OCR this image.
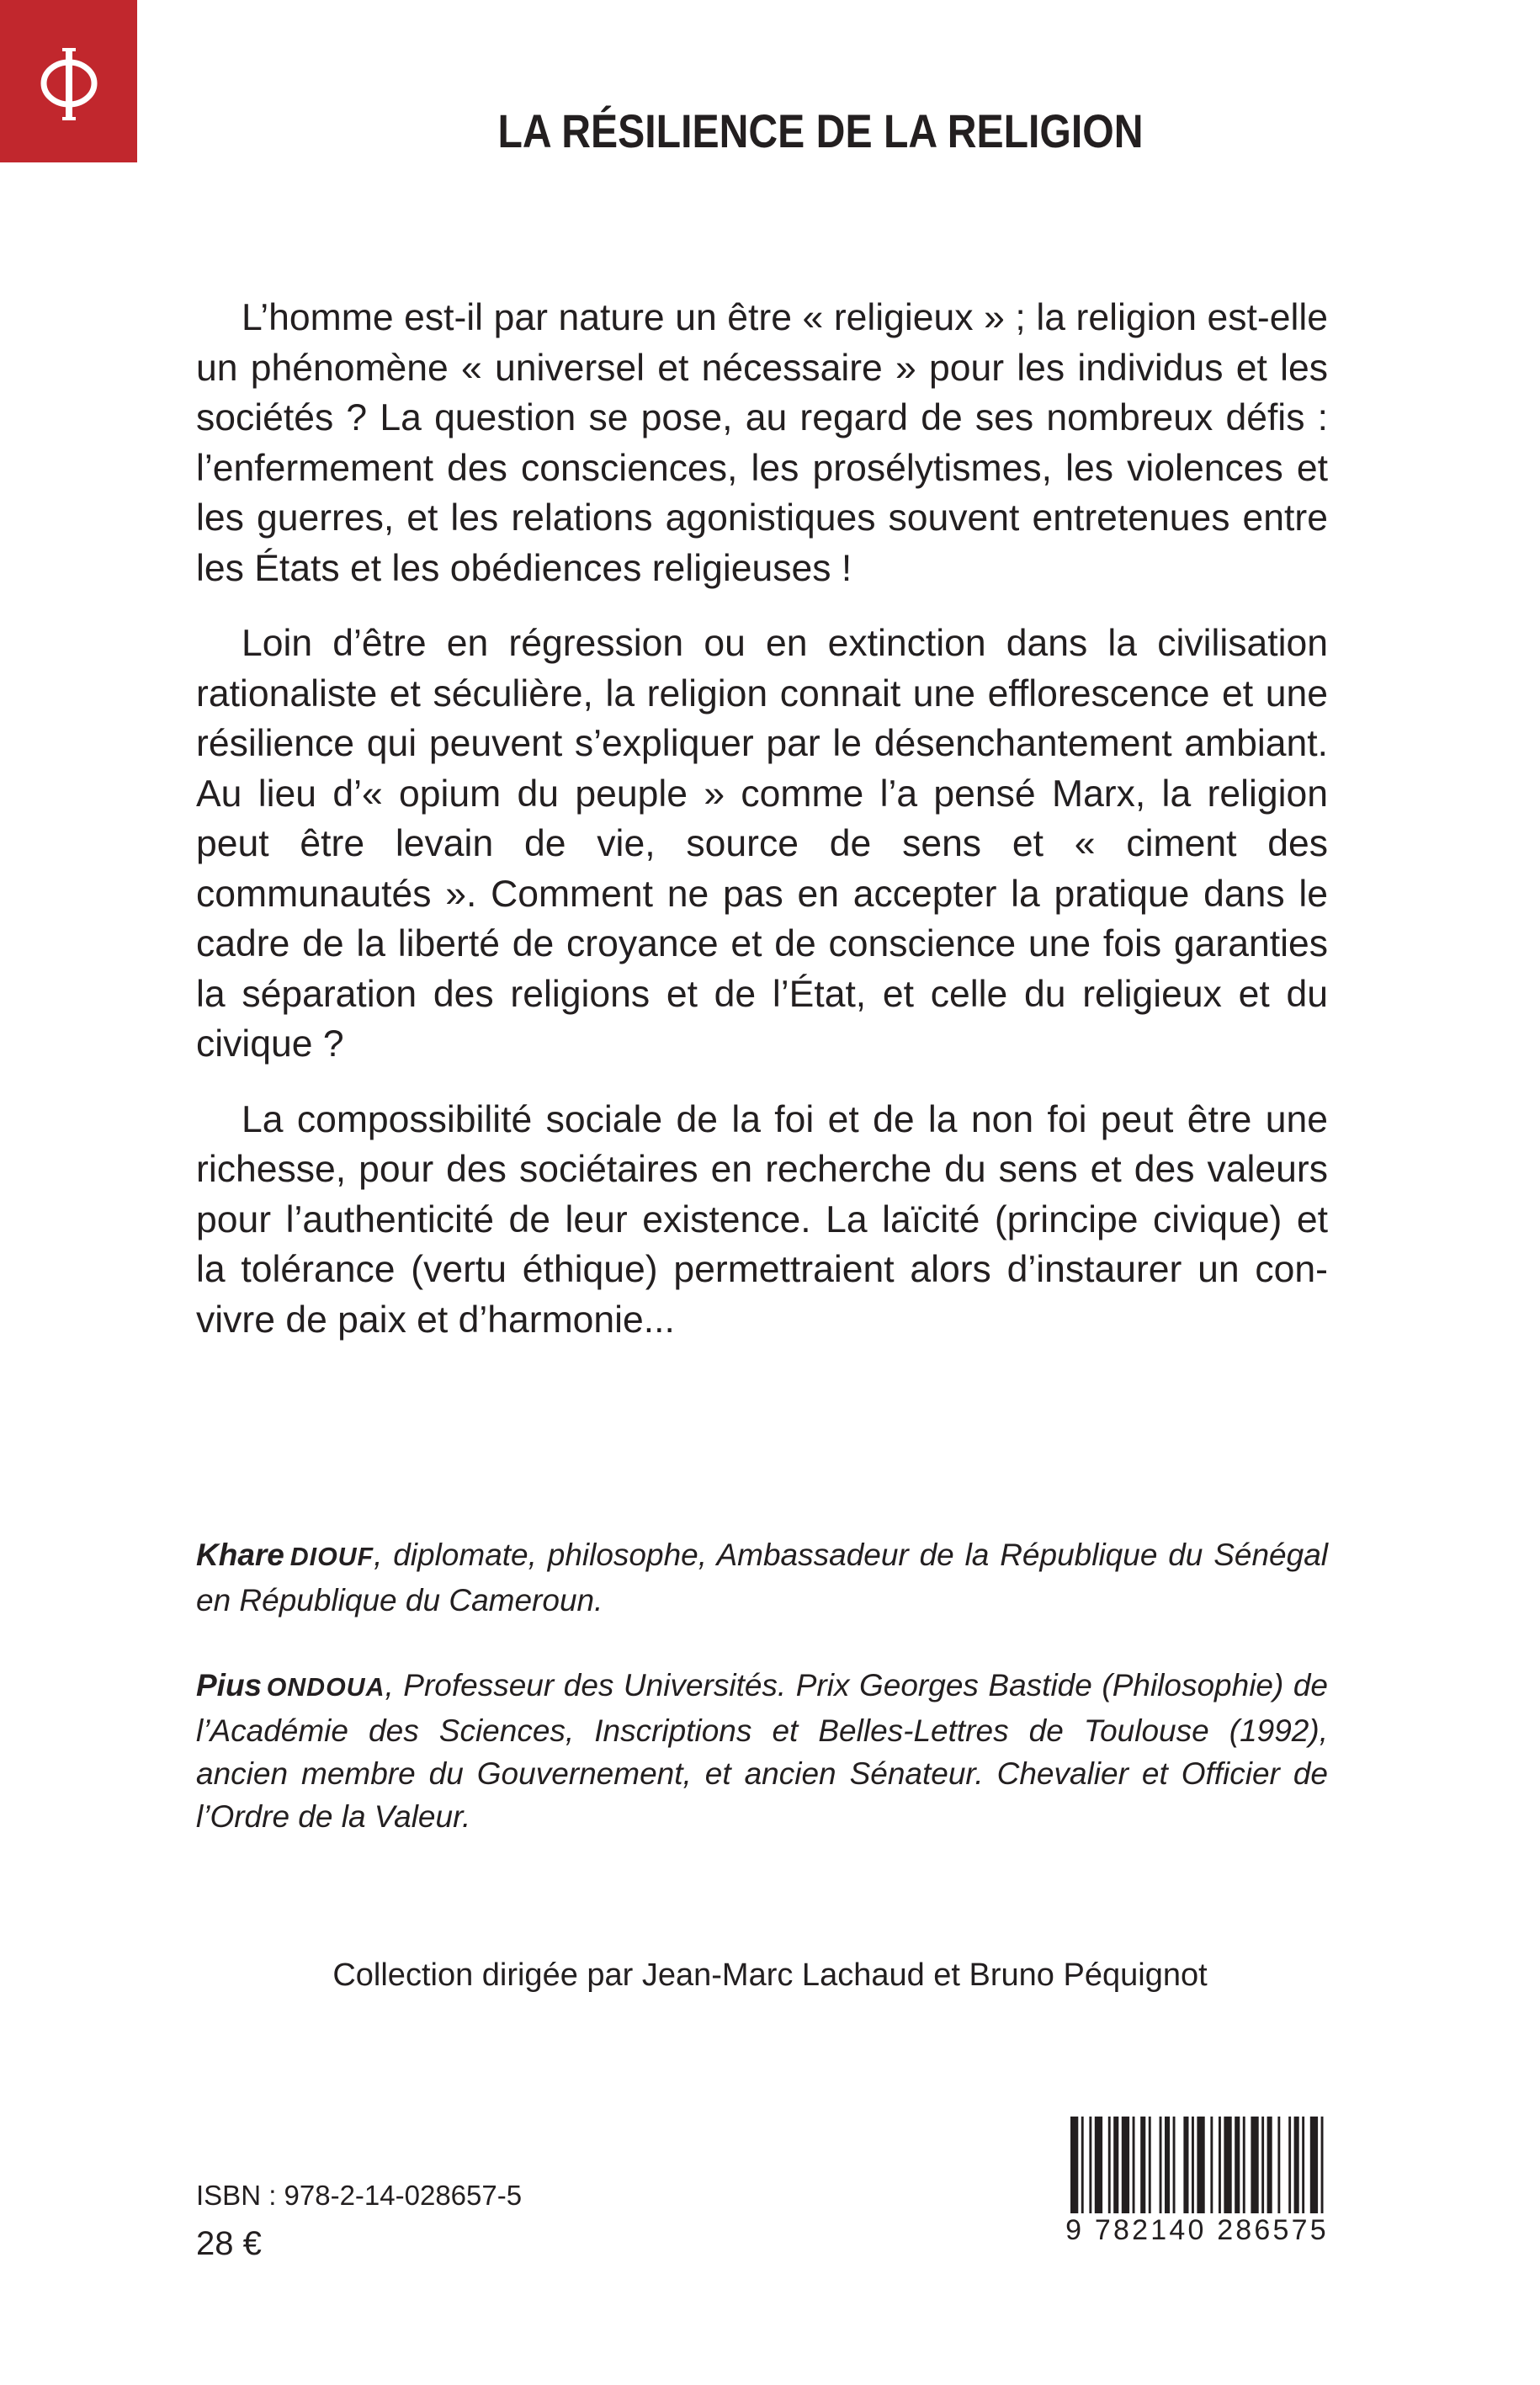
LA RÉSILIENCE DE LA RELIGION

L’homme est-il par nature un être « religieux » ; la religion est-elle un phénomène « universel et nécessaire » pour les individus et les sociétés ? La question se pose, au regard de ses nombreux défis : l’enfermement des consciences, les prosélytismes, les violences et les guerres, et les relations agonistiques souvent entretenues entre les États et les obédiences religieuses !

Loin d’être en régression ou en extinction dans la civilisation rationaliste et séculière, la religion connait une efflorescence et une résilience qui peuvent s’expliquer par le désenchantement ambiant. Au lieu d’« opium du peuple » comme l’a pensé Marx, la religion peut être levain de vie, source de sens et « ciment des communautés ». Comment ne pas en accepter la pratique dans le cadre de la liberté de croyance et de conscience une fois garanties la séparation des religions et de l’État, et celle du religieux et du civique ?

La compossibilité sociale de la foi et de la non foi peut être une richesse, pour des sociétaires en recherche du sens et des valeurs pour l’authenticité de leur existence. La laïcité (principe civique) et la tolérance (vertu éthique) permettraient alors d’instaurer un con-vivre de paix et d’harmonie...

Khare DIOUF, diplomate, philosophe, Ambassadeur de la République du Sénégal en République du Cameroun.

Pius ONDOUA, Professeur des Universités. Prix Georges Bastide (Philosophie) de l’Académie des Sciences, Inscriptions et Belles-Lettres de Toulouse (1992), ancien membre du Gouvernement, et ancien Sénateur. Chevalier et Officier de l’Ordre de la Valeur.

Collection dirigée par Jean-Marc Lachaud et Bruno Péquignot
ISBN : 978-2-14-028657-5
28 €	9 782140 286575
